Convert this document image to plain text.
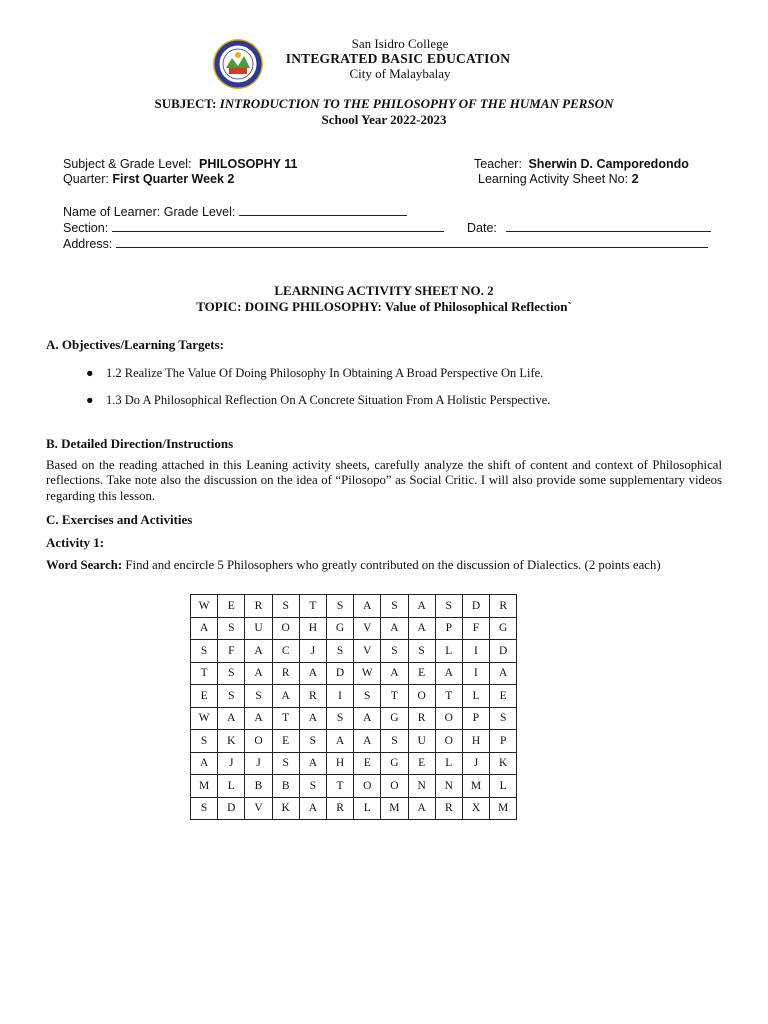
San Isidro College
INTEGRATED BASIC EDUCATION
City of Malaybalay
SUBJECT: INTRODUCTION TO THE PHILOSOPHY OF THE HUMAN PERSON
School Year 2022-2023
Subject & Grade Level: PHILOSOPHY 11	Teacher: Sherwin D. Camporedondo
Quarter: First Quarter Week 2	Learning Activity Sheet No: 2
Name of Learner: Grade Level:
Section:	Date:
Address:
LEARNING ACTIVITY SHEET NO. 2
TOPIC: DOING PHILOSOPHY: Value of Philosophical Reflection`
A. Objectives/Learning Targets:
● 1.2 Realize The Value Of Doing Philosophy In Obtaining A Broad Perspective On Life.
● 1.3 Do A Philosophical Reflection On A Concrete Situation From A Holistic Perspective.
B. Detailed Direction/Instructions
Based on the reading attached in this Leaning activity sheets, carefully analyze the shift of content and context of Philosophical reflections. Take note also the discussion on the idea of “Pilosopo” as Social Critic. I will also provide some supplementary videos regarding this lesson.
C. Exercises and Activities
Activity 1:
Word Search: Find and encircle 5 Philosophers who greatly contributed on the discussion of Dialectics. (2 points each)
W	E	R	S	T	S	A	S	A	S	D	R
A	S	U	O	H	G	V	A	A	P	F	G
S	F	A	C	J	S	V	S	S	L	I	D
T	S	A	R	A	D	W	A	E	A	I	A
E	S	S	A	R	I	S	T	O	T	L	E
W	A	A	T	A	S	A	G	R	O	P	S
S	K	O	E	S	A	A	S	U	O	H	P
A	J	J	S	A	H	E	G	E	L	J	K
M	L	B	B	S	T	O	O	N	N	M	L
S	D	V	K	A	R	L	M	A	R	X	M
